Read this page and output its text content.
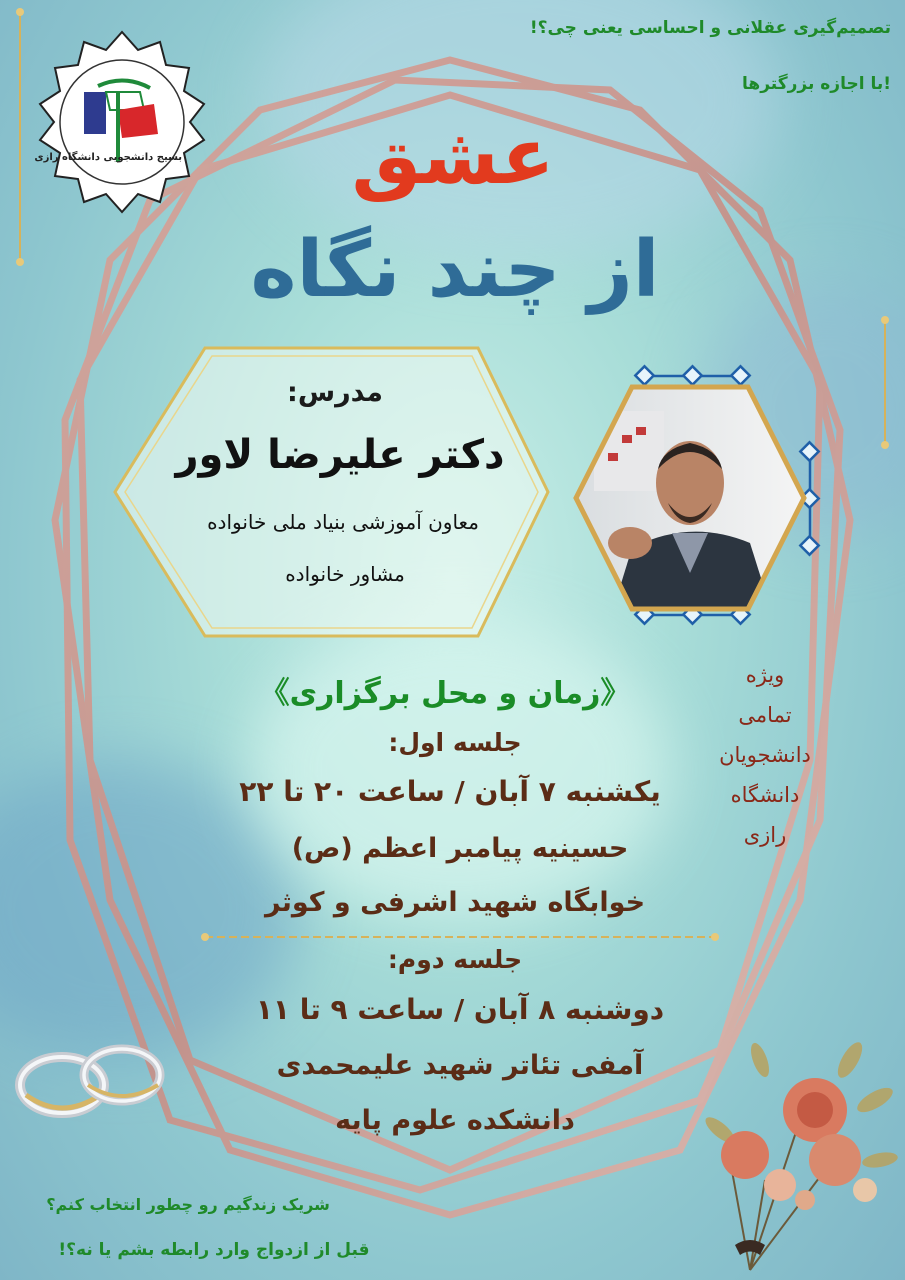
بسیج دانشجویی دانشگاه رازی
تصمیم‌گیری عقلانی و احساسی یعنی چی؟!
!با اجازه بزرگترها
عشق
از چند نگاه
مدرس:
دکتر علیرضا لاور
معاون آموزشی بنیاد ملی خانواده
مشاور خانواده
ویژه
تمامی
دانشجویان
دانشگاه
رازی
《زمان و محل برگزاری》
جلسه اول:
یکشنبه ۷ آبان / ساعت ۲۰ تا ۲۲
حسینیه پیامبر اعظم (ص)
خوابگاه شهید اشرفی و کوثر
جلسه دوم:
دوشنبه ۸ آبان / ساعت ۹ تا ۱۱
آمفی تئاتر شهید علیمحمدی
دانشکده علوم پایه
شریک زندگیم رو چطور انتخاب کنم؟
قبل از ازدواج وارد رابطه بشم یا نه؟!
